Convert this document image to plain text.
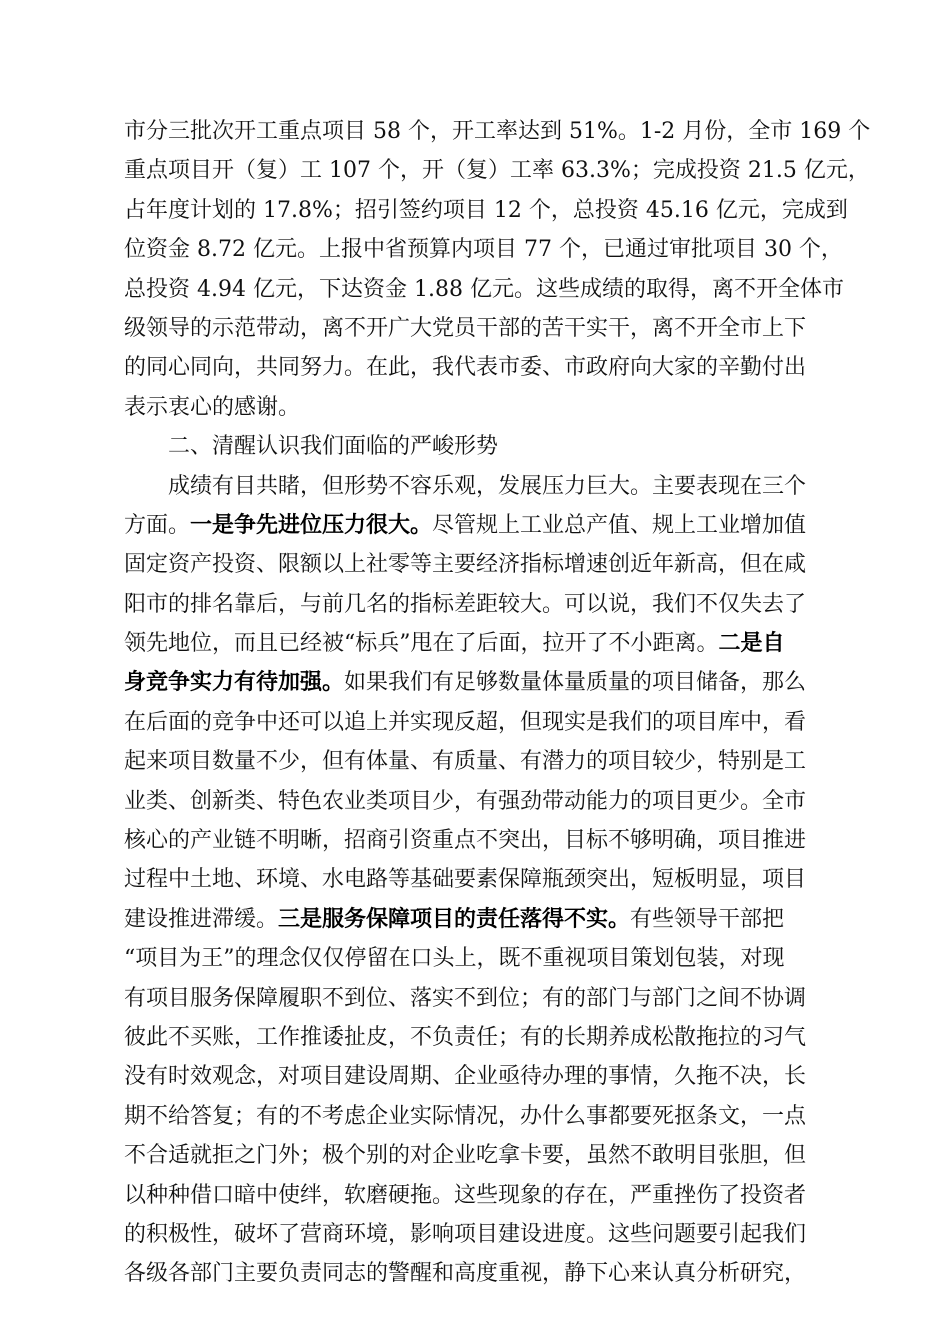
市分三批次开工重点项目 58 个，开工率达到 51%。1-2 月份，全市 169 个
重点项目开（复）工 107 个，开（复）工率 63.3%；完成投资 21.5 亿元，
占年度计划的 17.8%；招引签约项目 12 个，总投资 45.16 亿元，完成到
位资金 8.72 亿元。上报中省预算内项目 77 个，已通过审批项目 30 个，
总投资 4.94 亿元，下达资金 1.88 亿元。这些成绩的取得，离不开全体市
级领导的示范带动，离不开广大党员干部的苦干实干，离不开全市上下
的同心同向，共同努力。在此，我代表市委、市政府向大家的辛勤付出
表示衷心的感谢。
二、清醒认识我们面临的严峻形势
成绩有目共睹，但形势不容乐观，发展压力巨大。主要表现在三个
方面。一是争先进位压力很大。尽管规上工业总产值、规上工业增加值
固定资产投资、限额以上社零等主要经济指标增速创近年新高，但在咸
阳市的排名靠后，与前几名的指标差距较大。可以说，我们不仅失去了
领先地位，而且已经被“标兵”甩在了后面，拉开了不小距离。二是自
身竞争实力有待加强。如果我们有足够数量体量质量的项目储备，那么
在后面的竞争中还可以追上并实现反超，但现实是我们的项目库中，看
起来项目数量不少，但有体量、有质量、有潜力的项目较少，特别是工
业类、创新类、特色农业类项目少，有强劲带动能力的项目更少。全市
核心的产业链不明晰，招商引资重点不突出，目标不够明确，项目推进
过程中土地、环境、水电路等基础要素保障瓶颈突出，短板明显，项目
建设推进滞缓。三是服务保障项目的责任落得不实。有些领导干部把
“项目为王”的理念仅仅停留在口头上，既不重视项目策划包装，对现
有项目服务保障履职不到位、落实不到位；有的部门与部门之间不协调
彼此不买账，工作推诿扯皮，不负责任；有的长期养成松散拖拉的习气
没有时效观念，对项目建设周期、企业亟待办理的事情，久拖不决，长
期不给答复；有的不考虑企业实际情况，办什么事都要死抠条文，一点
不合适就拒之门外；极个别的对企业吃拿卡要，虽然不敢明目张胆，但
以种种借口暗中使绊，软磨硬拖。这些现象的存在，严重挫伤了投资者
的积极性，破坏了营商环境，影响项目建设进度。这些问题要引起我们
各级各部门主要负责同志的警醒和高度重视，静下心来认真分析研究，
